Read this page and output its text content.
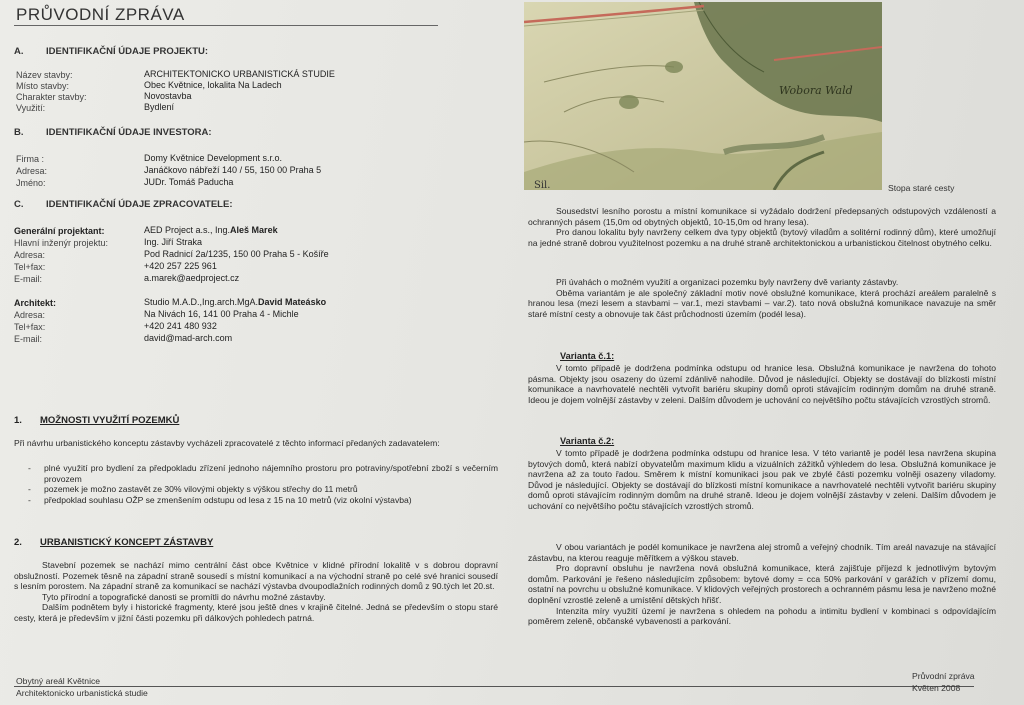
PRŮVODNÍ ZPRÁVA
A. IDENTIFIKAČNÍ ÚDAJE PROJEKTU:
Název stavby:	ARCHITEKTONICKO URBANISTICKÁ STUDIE
Místo stavby:	Obec Květnice, lokalita Na Ladech
Charakter stavby:	Novostavba
Využití:	Bydlení
B. IDENTIFIKAČNÍ ÚDAJE INVESTORA:
Firma :	Domy Květnice Development s.r.o.
Adresa:	Janáčkovo nábřeží 140 / 55, 150 00 Praha 5
Jméno:	JUDr. Tomáš Paducha
C. IDENTIFIKAČNÍ ÚDAJE ZPRACOVATELE:
Generální projektant:	AED Project a.s., Ing.Aleš Marek
Hlavní inženýr projektu:	Ing. Jiří Straka
Adresa:	Pod Radnicí 2a/1235, 150 00 Praha 5 - Košíře
Tel+fax:	+420 257 225 961
E-mail:	a.marek@aedproject.cz
Architekt:	Studio M.A.D.,Ing.arch.MgA.David Mateásko
Adresa:	Na Nivách 16, 141 00 Praha 4 - Michle
Tel+fax:	+420 241 480 932
E-mail:	david@mad-arch.com
1. MOŽNOSTI VYUŽITÍ POZEMKŮ

Při návrhu urbanistického konceptu zástavby vycházeli zpracovatelé z těchto informací předaných zadavatelem:

- plné využití pro bydlení za předpokladu zřízení jednoho nájemního prostoru pro potraviny/spotřební zboží s večerním provozem
- pozemek je možno zastavět ze 30% vilovými objekty s výškou střechy do 11 metrů
- předpoklad souhlasu OŽP se zmenšením odstupu od lesa z 15 na 10 metrů (viz okolní výstavba)
2. URBANISTICKÝ KONCEPT ZÁSTAVBY

Stavební pozemek se nachází mimo centrální část obce Květnice v klidné přírodní lokalitě v s dobrou dopravní obslužností. Pozemek těsně na západní straně sousedí s místní komunikací a na východní straně po celé své hranici sousedí s lesním porostem. Na západní straně za komunikací se nachází výstavba dvoupodlažních rodinných domů z 90.tých let 20.st.

Tyto přírodní a topografické danosti se promítli do návrhu možné zástavby.

Dalším podnětem byly i historické fragmenty, které jsou ještě dnes v krajině čitelné. Jedná se především o stopu staré cesty, která je především v jižní části pozemku při dálkových pohledech patrná.

Wobora Wald
Sil.	Stopa staré cesty

Sousedství lesního porostu a místní komunikace si vyžádalo dodržení předepsaných odstupových vzdáleností a ochranných pásem (15,0m od obytných objektů, 10-15,0m od hrany lesa).

Pro danou lokalitu byly navrženy celkem dva typy objektů (bytový viladům a solitérní rodinný dům), které umožňují na jedné straně dobrou využitelnost pozemku a na druhé straně architektonickou a urbanistickou čitelnost obytného celku.

Při úvahách o možném využití a organizaci pozemku byly navrženy dvě varianty zástavby.

Oběma variantám je ale společný základní motiv nové obslužné komunikace, která prochází areálem paralelně s hranou lesa (mezi lesem a stavbami – var.1, mezi stavbami – var.2). tato nová obslužná komunikace navazuje na směr staré místní cesty a obnovuje tak část průchodnosti územím (podél lesa).

Varianta č.1:

V tomto případě je dodržena podmínka odstupu od hranice lesa. Obslužná komunikace je navržena do tohoto pásma. Objekty jsou osazeny do území zdánlivě nahodile. Důvod je následující. Objekty se dostávají do blízkosti místní komunikace a navrhovatelé nechtěli vytvořit bariéru skupiny domů oproti stávajícím rodinným domům na druhé straně. Ideou je dojem volnější zástavby v zeleni. Dalším důvodem je uchování co největšího počtu stávajících vzrostlých stromů.

Varianta č.2:

V tomto případě je dodržena podmínka odstupu od hranice lesa. V této variantě je podél lesa navržena skupina bytových domů, která nabízí obyvatelům maximum klidu a vizuálních zážitků výhledem do lesa. Obslužná komunikace je navržena až za touto řadou. Směrem k místní komunikaci jsou pak ve zbylé části pozemku volněji osazeny viladomy. Důvod je následující. Objekty se dostávají do blízkosti místní komunikace a navrhovatelé nechtěli vytvořit bariéru skupiny domů oproti stávajícím rodinným domům na druhé straně. Ideou je dojem volnější zástavby v zeleni. Dalším důvodem je uchování co největšího počtu stávajících vzrostlých stromů.

V obou variantách je podél komunikace je navržena alej stromů a veřejný chodník. Tím areál navazuje na stávající zástavbu, na kterou reaguje měřítkem a výškou staveb.

Pro dopravní obsluhu je navržena nová obslužná komunikace, která zajišťuje příjezd k jednotlivým bytovým domům. Parkování je řešeno následujícím způsobem: bytové domy = cca 50% parkování v garážích v přízemí domu, ostatní na povrchu u obslužné komunikace. V klidových veřejných prostorech a ochranném pásmu lesa je navrženo možné doplnění vzrostlé zeleně a umístění dětských hřišť.

Intenzita míry využití území je navržena s ohledem na pohodu a intimitu bydlení v kombinaci s odpovídajícím poměrem zeleně, občanské vybavenosti a parkování.

Obytný areál Květnice
Architektonicko urbanistická studie
Průvodní zpráva
Květen 2008
